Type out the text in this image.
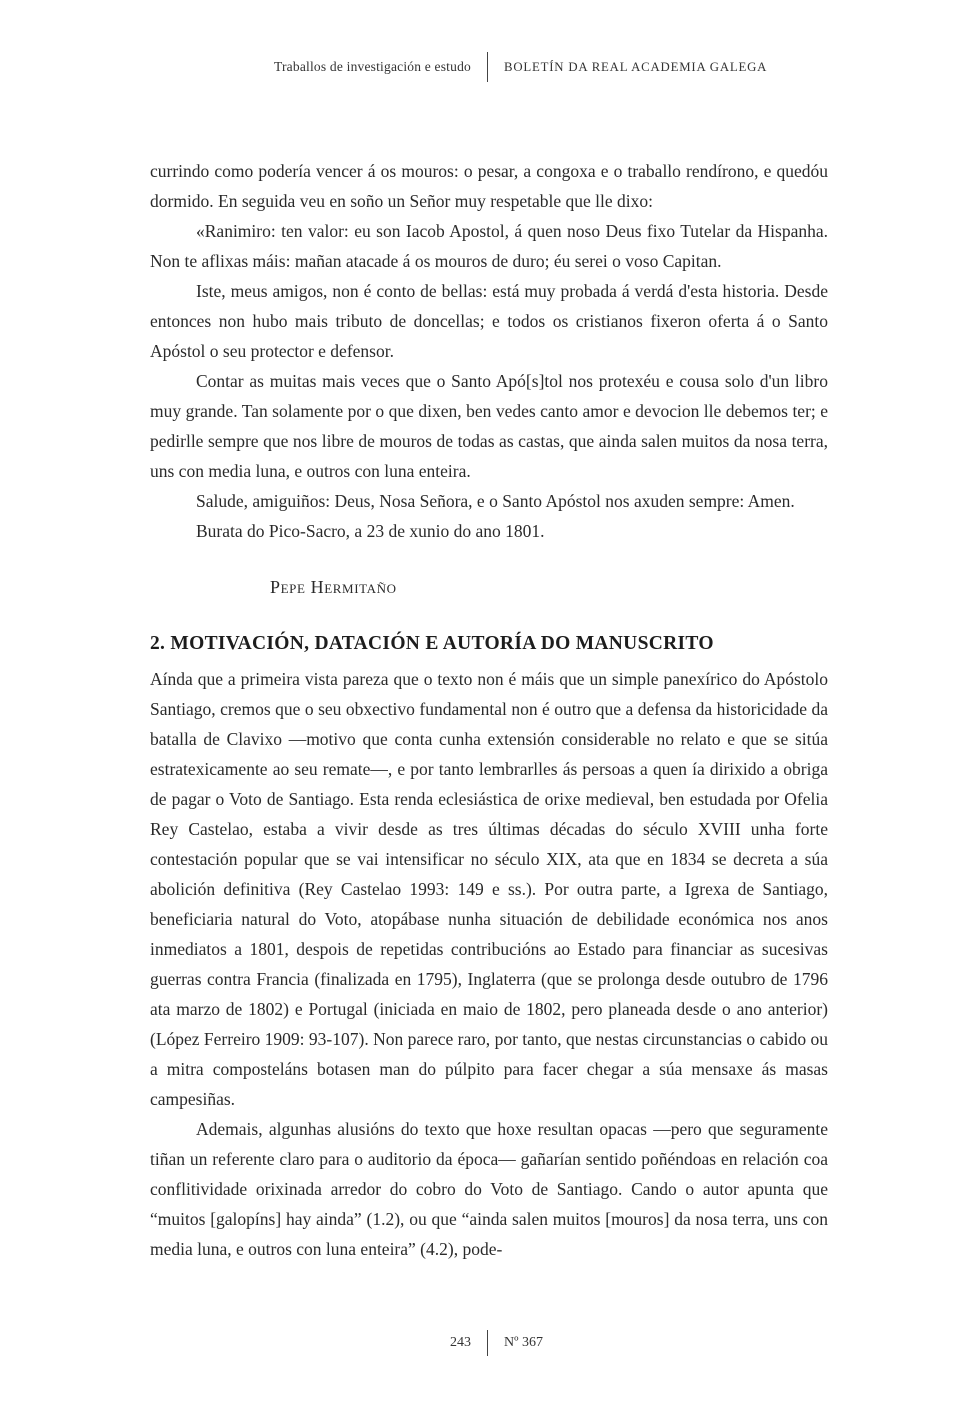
Traballos de investigación e estudo	BOLETÍN DA REAL ACADEMIA GALEGA

currindo como podería vencer á os mouros: o pesar, a congoxa e o traballo rendírono, e quedóu dormido. En seguida veu en soño un Señor muy respetable que lle dixo:

«Ranimiro: ten valor: eu son Iacob Apostol, á quen noso Deus fixo Tutelar da Hispanha. Non te aflixas máis: mañan atacade á os mouros de duro; éu serei o voso Capitan.

Iste, meus amigos, non é conto de bellas: está muy probada á verdá d'esta historia. Desde entonces non hubo mais tributo de doncellas; e todos os cristianos fixeron oferta á o Santo Apóstol o seu protector e defensor.

Contar as muitas mais veces que o Santo Apó[s]tol nos protexéu e cousa solo d'un libro muy grande. Tan solamente por o que dixen, ben vedes canto amor e devocion lle debemos ter; e pedirlle sempre que nos libre de mouros de todas as castas, que ainda salen muitos da nosa terra, uns con media luna, e outros con luna enteira.

Salude, amiguiños: Deus, Nosa Señora, e o Santo Apóstol nos axuden sempre: Amen.

Burata do Pico-Sacro, a 23 de xunio do ano 1801.

Pepe Hermitaño

2. MOTIVACIÓN, DATACIÓN E AUTORÍA DO MANUSCRITO

Aínda que a primeira vista pareza que o texto non é máis que un simple panexírico do Apóstolo Santiago, cremos que o seu obxectivo fundamental non é outro que a defensa da historicidade da batalla de Clavixo —motivo que conta cunha extensión considerable no relato e que se sitúa estratexicamente ao seu remate—, e por tanto lembrarlles ás persoas a quen ía dirixido a obriga de pagar o Voto de Santiago. Esta renda eclesiástica de orixe medieval, ben estudada por Ofelia Rey Castelao, estaba a vivir desde as tres últimas décadas do século XVIII unha forte contestación popular que se vai intensificar no século XIX, ata que en 1834 se decreta a súa abolición definitiva (Rey Castelao 1993: 149 e ss.). Por outra parte, a Igrexa de Santiago, beneficiaria natural do Voto, atopábase nunha situación de debilidade económica nos anos inmediatos a 1801, despois de repetidas contribucións ao Estado para financiar as sucesivas guerras contra Francia (finalizada en 1795), Inglaterra (que se prolonga desde outubro de 1796 ata marzo de 1802) e Portugal (iniciada en maio de 1802, pero planeada desde o ano anterior) (López Ferreiro 1909: 93-107). Non parece raro, por tanto, que nestas circunstancias o cabido ou a mitra composteláns botasen man do púlpito para facer chegar a súa mensaxe ás masas campesiñas.

Ademais, algunhas alusións do texto que hoxe resultan opacas —pero que seguramente tiñan un referente claro para o auditorio da época— gañarían sentido poñéndoas en relación coa conflitividade orixinada arredor do cobro do Voto de Santiago. Cando o autor apunta que “muitos [galopíns] hay ainda” (1.2), ou que “ainda salen muitos [mouros] da nosa terra, uns con media luna, e outros con luna enteira” (4.2), pode-

243	Nº 367
